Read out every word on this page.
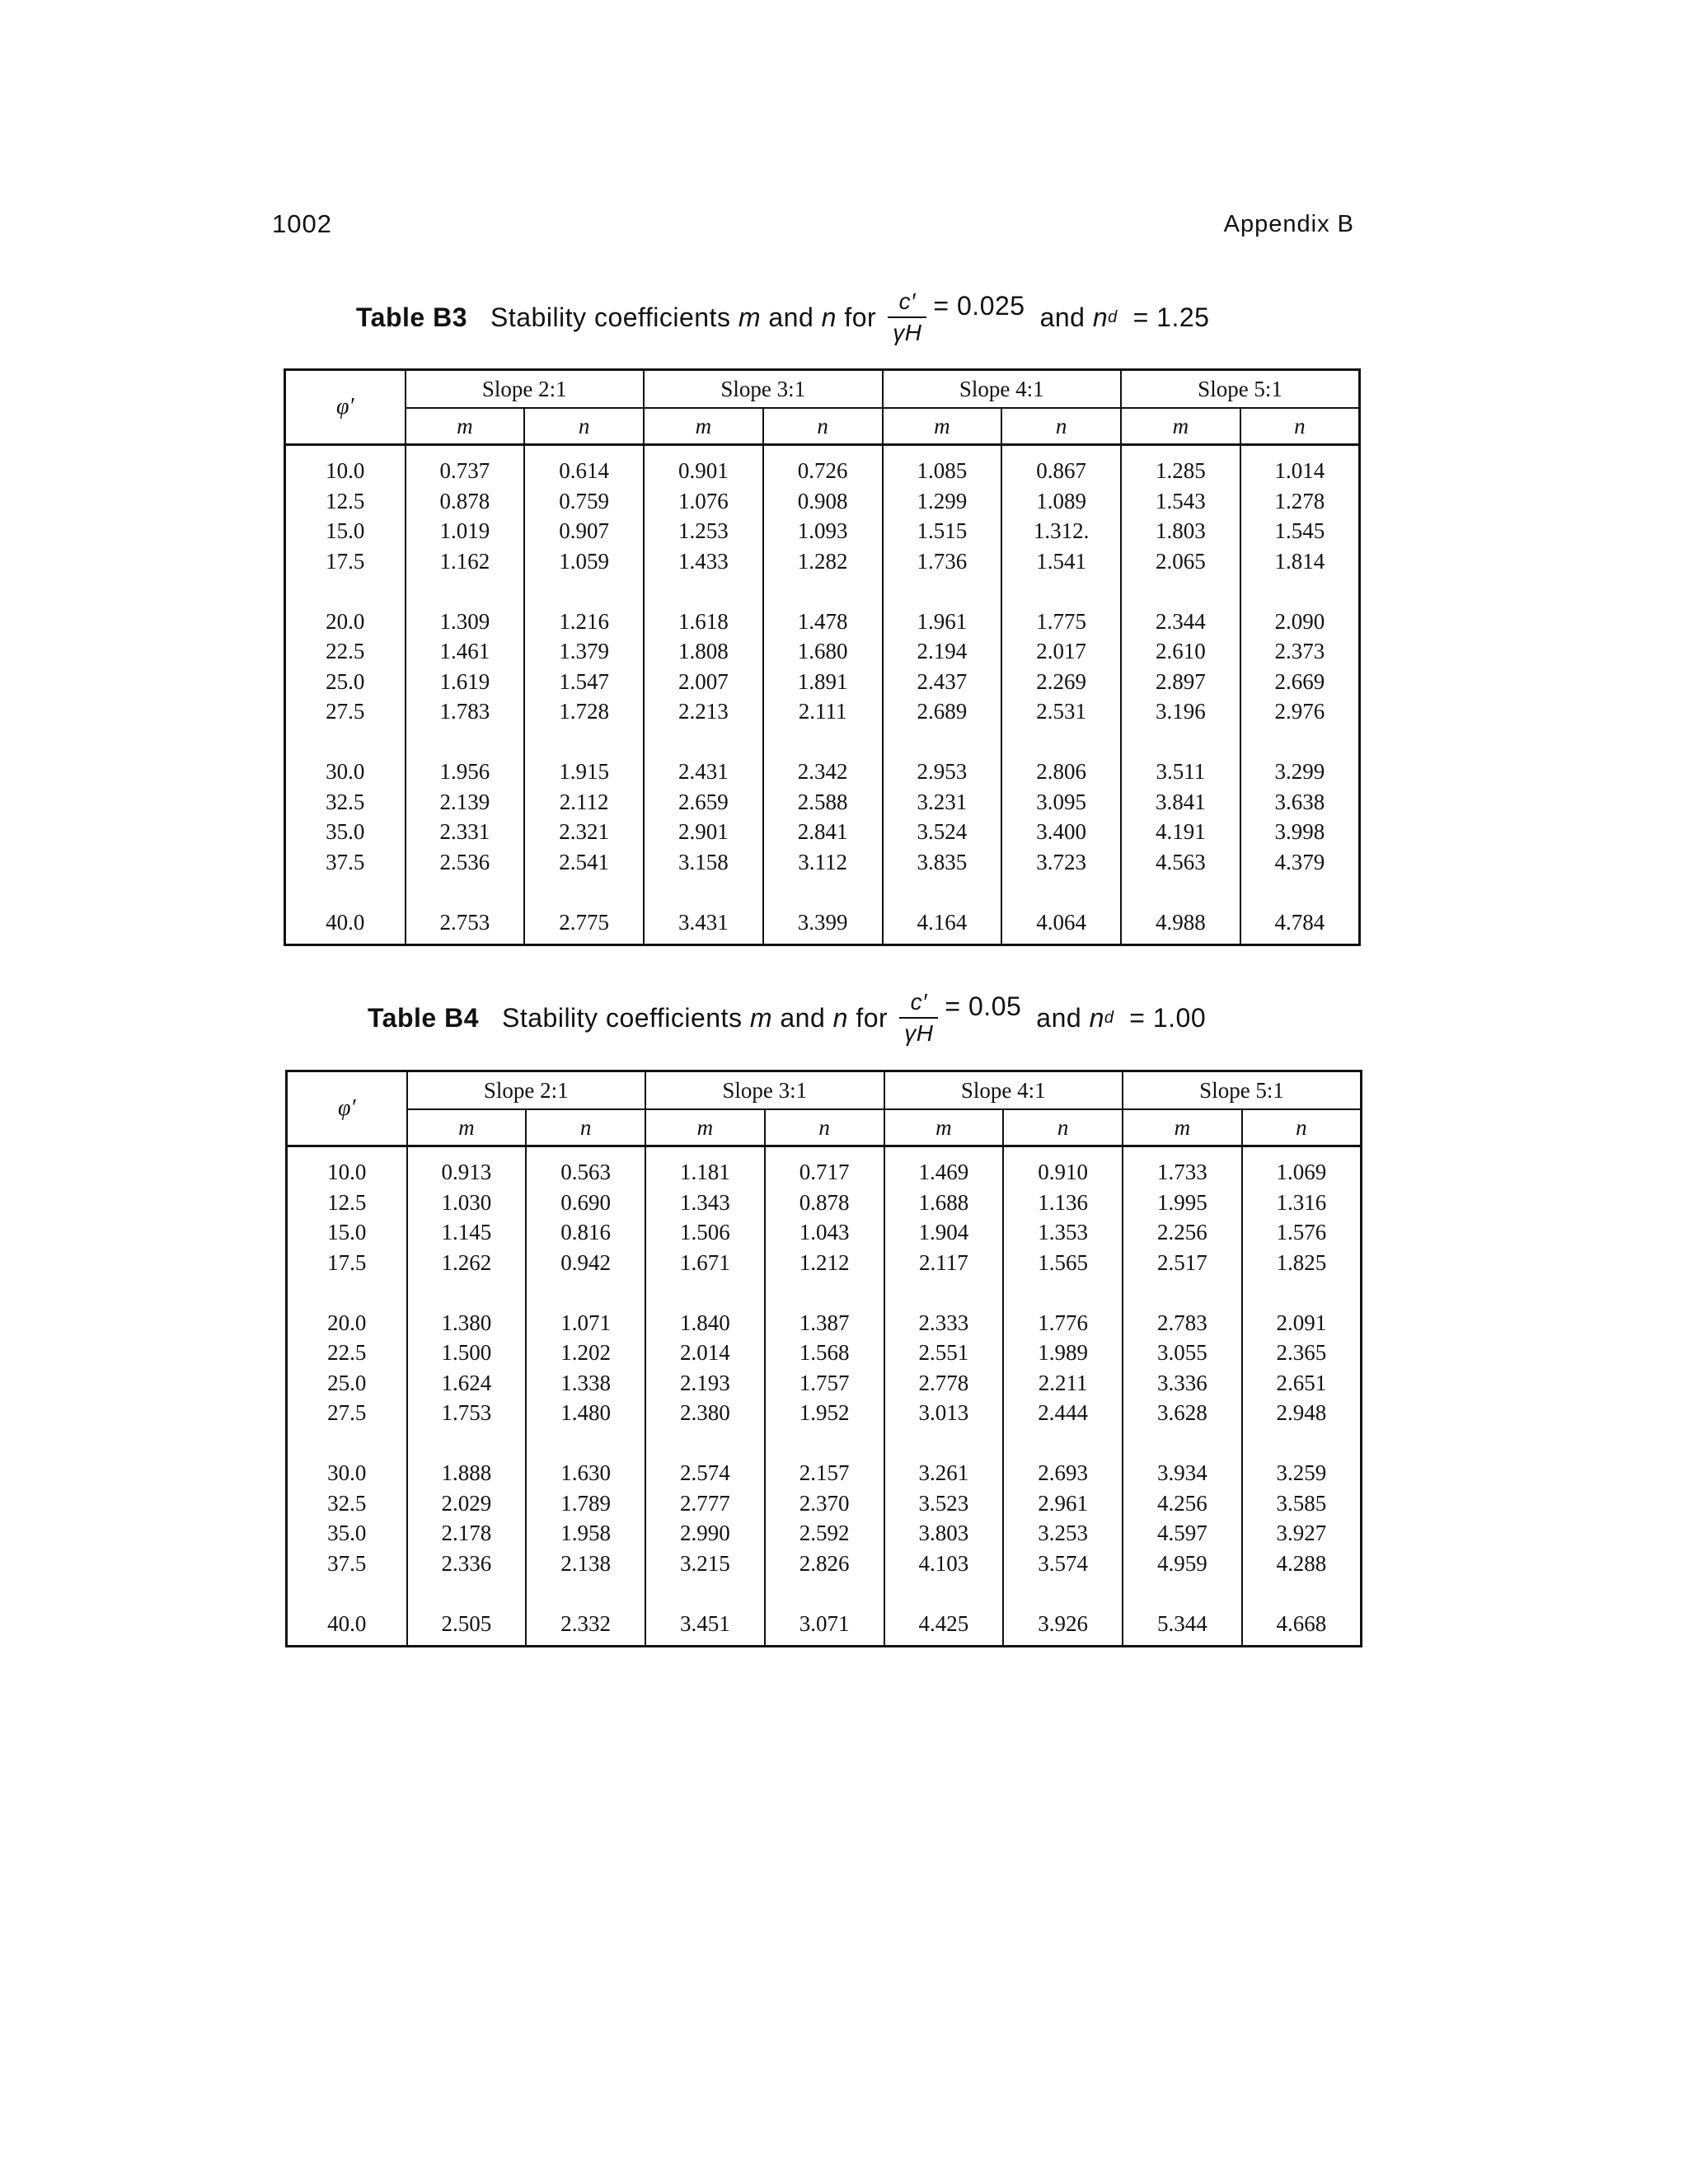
1002	Appendix B
Table B3 Stability coefficients
m
and
n
for $\frac{c'}{\gamma H} = 0.025$ and
n d
= 1.25
φ′	Slope 2:1		Slope 3:1		Slope 4:1		Slope 5:1	
	m	n	m	n	m	n	m	n
10.0	0.737	0.614	0.901	0.726	1.085	0.867	1.285	1.014
12.5	0.878	0.759	1.076	0.908	1.299	1.089	1.543	1.278
15.0	1.019	0.907	1.253	1.093	1.515	1.312.	1.803	1.545
17.5	1.162	1.059	1.433	1.282	1.736	1.541	2.065	1.814

20.0	1.309	1.216	1.618	1.478	1.961	1.775	2.344	2.090
22.5	1.461	1.379	1.808	1.680	2.194	2.017	2.610	2.373
25.0	1.619	1.547	2.007	1.891	2.437	2.269	2.897	2.669
27.5	1.783	1.728	2.213	2.111	2.689	2.531	3.196	2.976

30.0	1.956	1.915	2.431	2.342	2.953	2.806	3.511	3.299
32.5	2.139	2.112	2.659	2.588	3.231	3.095	3.841	3.638
35.0	2.331	2.321	2.901	2.841	3.524	3.400	4.191	3.998
37.5	2.536	2.541	3.158	3.112	3.835	3.723	4.563	4.379

40.0	2.753	2.775	3.431	3.399	4.164	4.064	4.988	4.784
Table B4 Stability coefficients
m
and
n
for $\frac{c'}{\gamma H} = 0.05$ and
n d
= 1.00
φ′	Slope 2:1		Slope 3:1		Slope 4:1		Slope 5:1	
	m	n	m	n	m	n	m	n
10.0	0.913	0.563	1.181	0.717	1.469	0.910	1.733	1.069
12.5	1.030	0.690	1.343	0.878	1.688	1.136	1.995	1.316
15.0	1.145	0.816	1.506	1.043	1.904	1.353	2.256	1.576
17.5	1.262	0.942	1.671	1.212	2.117	1.565	2.517	1.825

20.0	1.380	1.071	1.840	1.387	2.333	1.776	2.783	2.091
22.5	1.500	1.202	2.014	1.568	2.551	1.989	3.055	2.365
25.0	1.624	1.338	2.193	1.757	2.778	2.211	3.336	2.651
27.5	1.753	1.480	2.380	1.952	3.013	2.444	3.628	2.948

30.0	1.888	1.630	2.574	2.157	3.261	2.693	3.934	3.259
32.5	2.029	1.789	2.777	2.370	3.523	2.961	4.256	3.585
35.0	2.178	1.958	2.990	2.592	3.803	3.253	4.597	3.927
37.5	2.336	2.138	3.215	2.826	4.103	3.574	4.959	4.288

40.0	2.505	2.332	3.451	3.071	4.425	3.926	5.344	4.668
